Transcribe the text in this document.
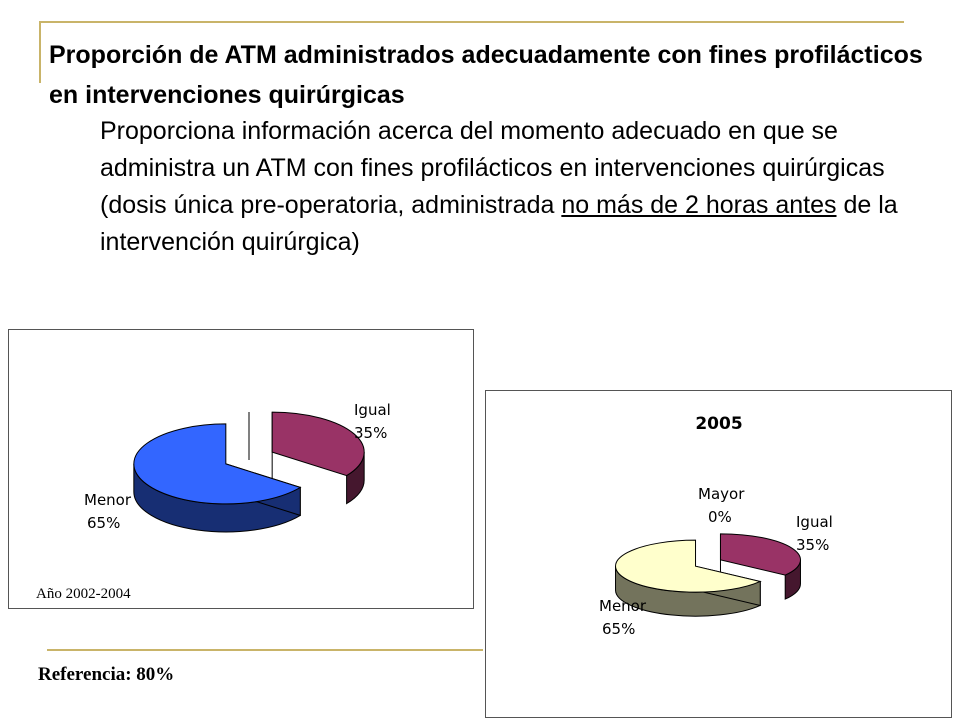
Proporción de ATM administrados adecuadamente con fines profilácticos en intervenciones quirúrgicas

Proporciona información acerca del momento adecuado en que se administra un ATM con fines profilácticos en intervenciones quirúrgicas (dosis única pre-operatoria, administrada no más de 2 horas antes de la intervención quirúrgica)

Igual
35%
Menor
65%
Año 2002-2004
2005
Mayor
0%	Igual
35%
Menor
65%
Referencia: 80%
